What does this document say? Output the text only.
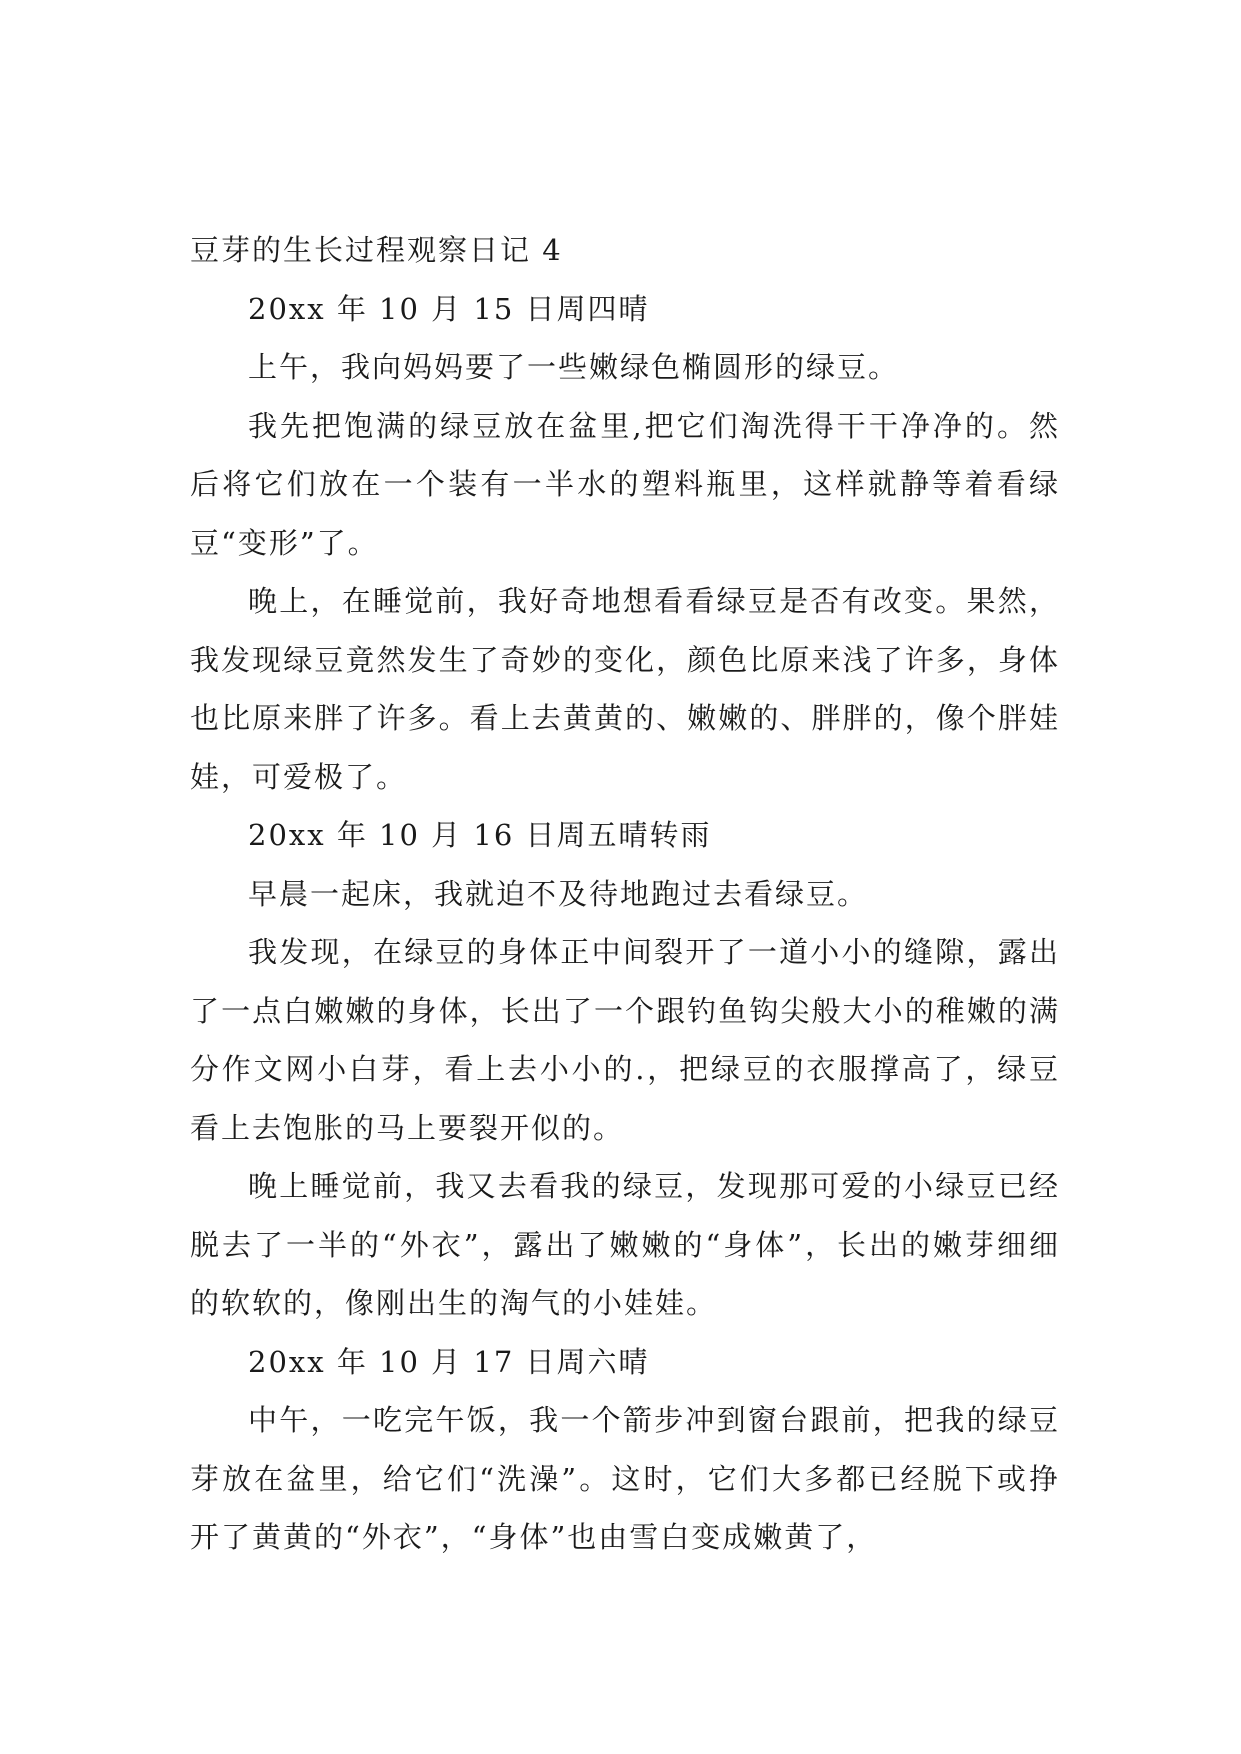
豆芽的生长过程观察日记 4

20xx 年 10 月 15 日周四晴

上午，我向妈妈要了一些嫩绿色椭圆形的绿豆。

我先把饱满的绿豆放在盆里,把它们淘洗得干干净净的。然后将它们放在一个装有一半水的塑料瓶里，这样就静等着看绿豆“变形”了。

晚上，在睡觉前，我好奇地想看看绿豆是否有改变。果然，我发现绿豆竟然发生了奇妙的变化，颜色比原来浅了许多，身体也比原来胖了许多。看上去黄黄的、嫩嫩的、胖胖的，像个胖娃娃，可爱极了。

20xx 年 10 月 16 日周五晴转雨

早晨一起床，我就迫不及待地跑过去看绿豆。

我发现，在绿豆的身体正中间裂开了一道小小的缝隙，露出了一点白嫩嫩的身体，长出了一个跟钓鱼钩尖般大小的稚嫩的满分作文网小白芽，看上去小小的.，把绿豆的衣服撑高了，绿豆看上去饱胀的马上要裂开似的。

晚上睡觉前，我又去看我的绿豆，发现那可爱的小绿豆已经脱去了一半的“外衣”，露出了嫩嫩的“身体”，长出的嫩芽细细的软软的，像刚出生的淘气的小娃娃。

20xx 年 10 月 17 日周六晴

中午，一吃完午饭，我一个箭步冲到窗台跟前，把我的绿豆芽放在盆里，给它们“洗澡”。这时，它们大多都已经脱下或挣开了黄黄的“外衣”，“身体”也由雪白变成嫩黄了，
